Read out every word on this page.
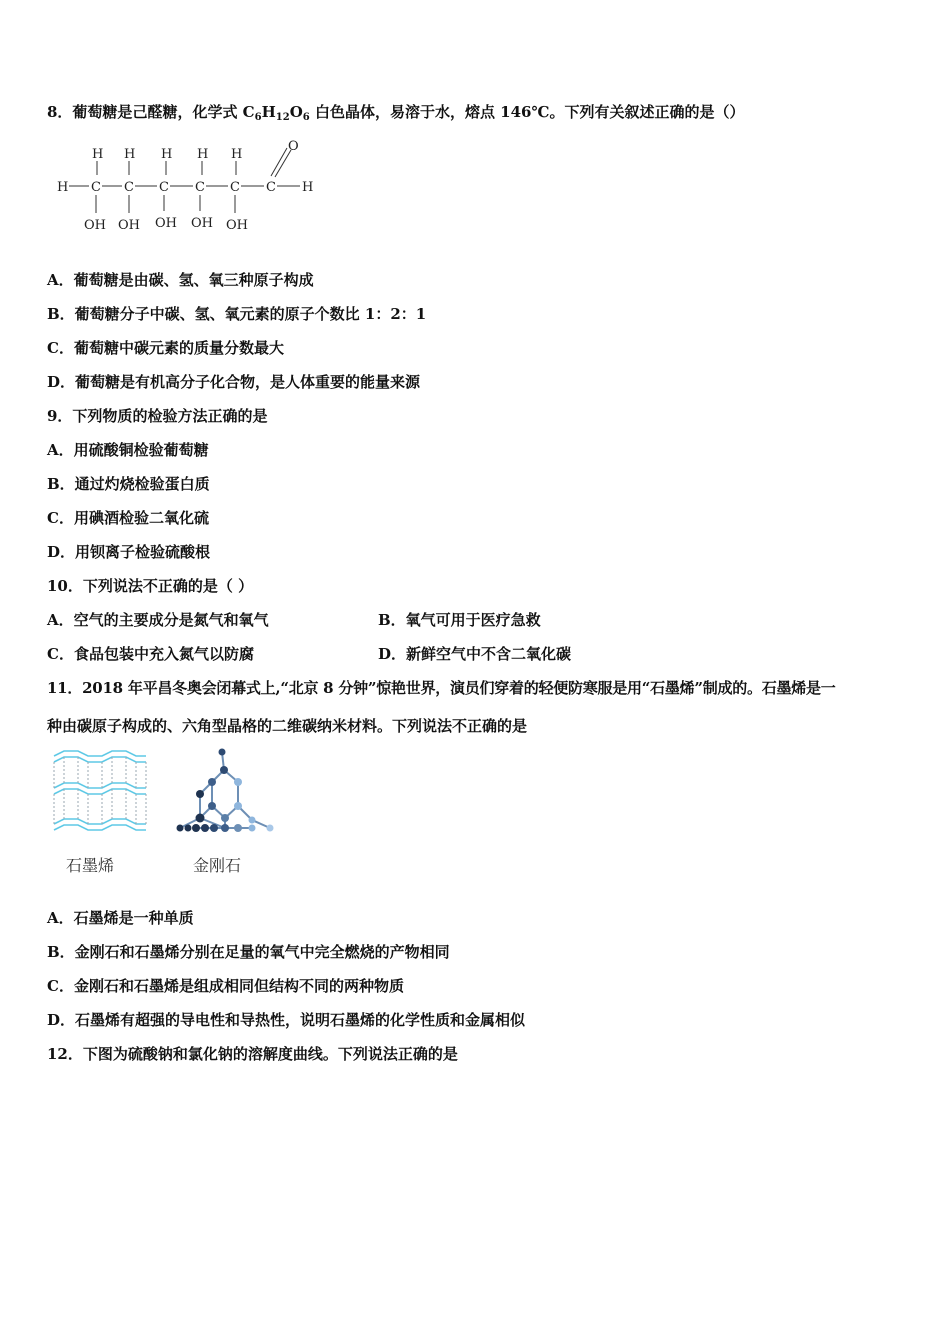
8．葡萄糖是己醛糖，化学式 $C_6H_{12}O_6$ 白色晶体，易溶于水，熔点 146℃。下列有关叙述正确的是（）
H H H H H
O
H C C C C C C H
OH OH OH OH OH
A．葡萄糖是由碳、氢、氧三种原子构成
B．葡萄糖分子中碳、氢、氧元素的原子个数比 1：2：1
C．葡萄糖中碳元素的质量分数最大
D．葡萄糖是有机高分子化合物，是人体重要的能量来源
9．下列物质的检验方法正确的是
A．用硫酸铜检验葡萄糖
B．通过灼烧检验蛋白质
C．用碘酒检验二氧化硫
D．用钡离子检验硫酸根
10．下列说法不正确的是（ ）
A．空气的主要成分是氮气和氧气	B．氧气可用于医疗急救
C．食品包装中充入氮气以防腐	D．新鲜空气中不含二氧化碳
11．2018 年平昌冬奥会闭幕式上,“北京 8 分钟”惊艳世界，演员们穿着的轻便防寒服是用“石墨烯”制成的。石墨烯是一
种由碳原子构成的、六角型晶格的二维碳纳米材料。下列说法不正确的是
石墨烯	金刚石
A．石墨烯是一种单质
B．金刚石和石墨烯分别在足量的氧气中完全燃烧的产物相同
C．金刚石和石墨烯是组成相同但结构不同的两种物质
D．石墨烯有超强的导电性和导热性，说明石墨烯的化学性质和金属相似
12．下图为硫酸钠和氯化钠的溶解度曲线。下列说法正确的是
